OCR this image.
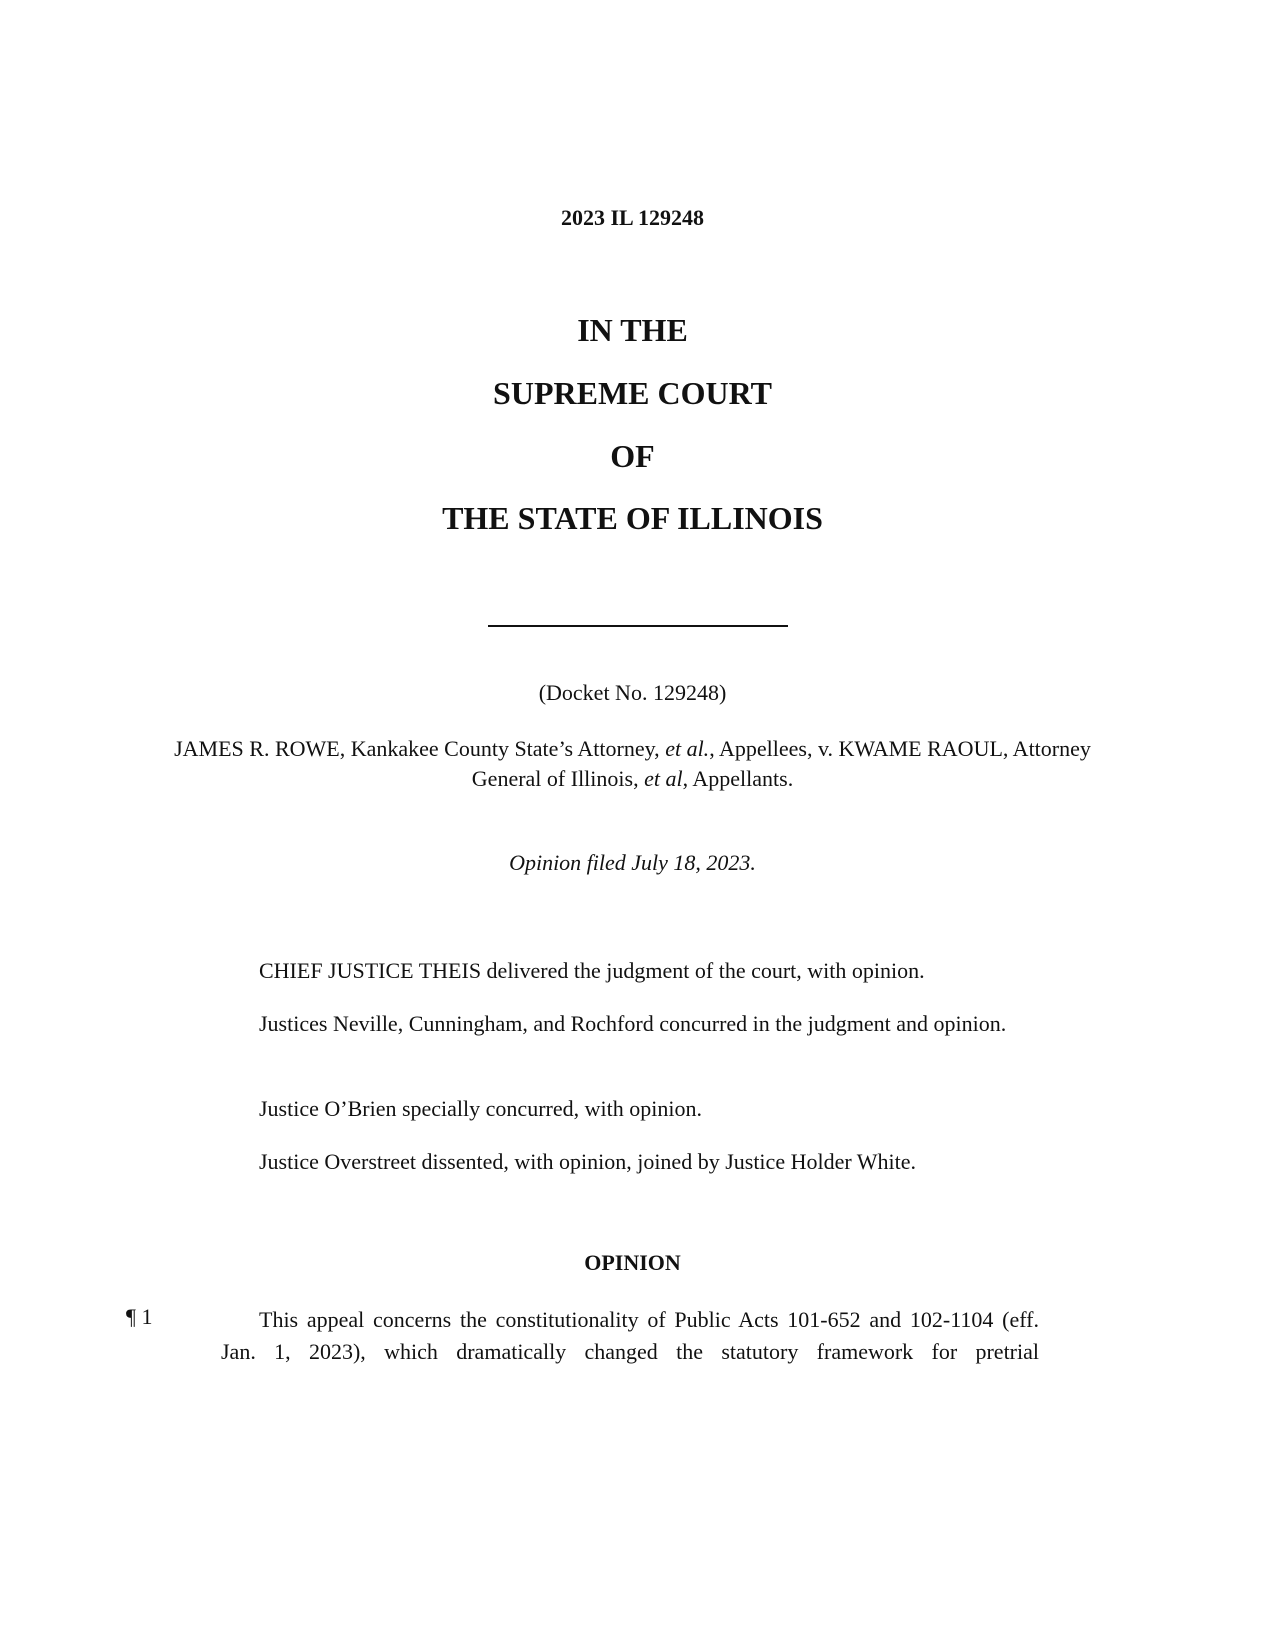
2023 IL 129248
IN THE
SUPREME COURT
OF
THE STATE OF ILLINOIS
(Docket No. 129248)
JAMES R. ROWE, Kankakee County State’s Attorney, et al., Appellees, v. KWAME RAOUL, Attorney General of Illinois, et al, Appellants.
Opinion filed July 18, 2023.

CHIEF JUSTICE THEIS delivered the judgment of the court, with opinion.

Justices Neville, Cunningham, and Rochford concurred in the judgment and opinion.

Justice O’Brien specially concurred, with opinion.

Justice Overstreet dissented, with opinion, joined by Justice Holder White.

OPINION
¶ 1	This appeal concerns the constitutionality of Public Acts 101-652 and 102-1104 (eff. Jan. 1, 2023), which dramatically changed the statutory framework for pretrial
